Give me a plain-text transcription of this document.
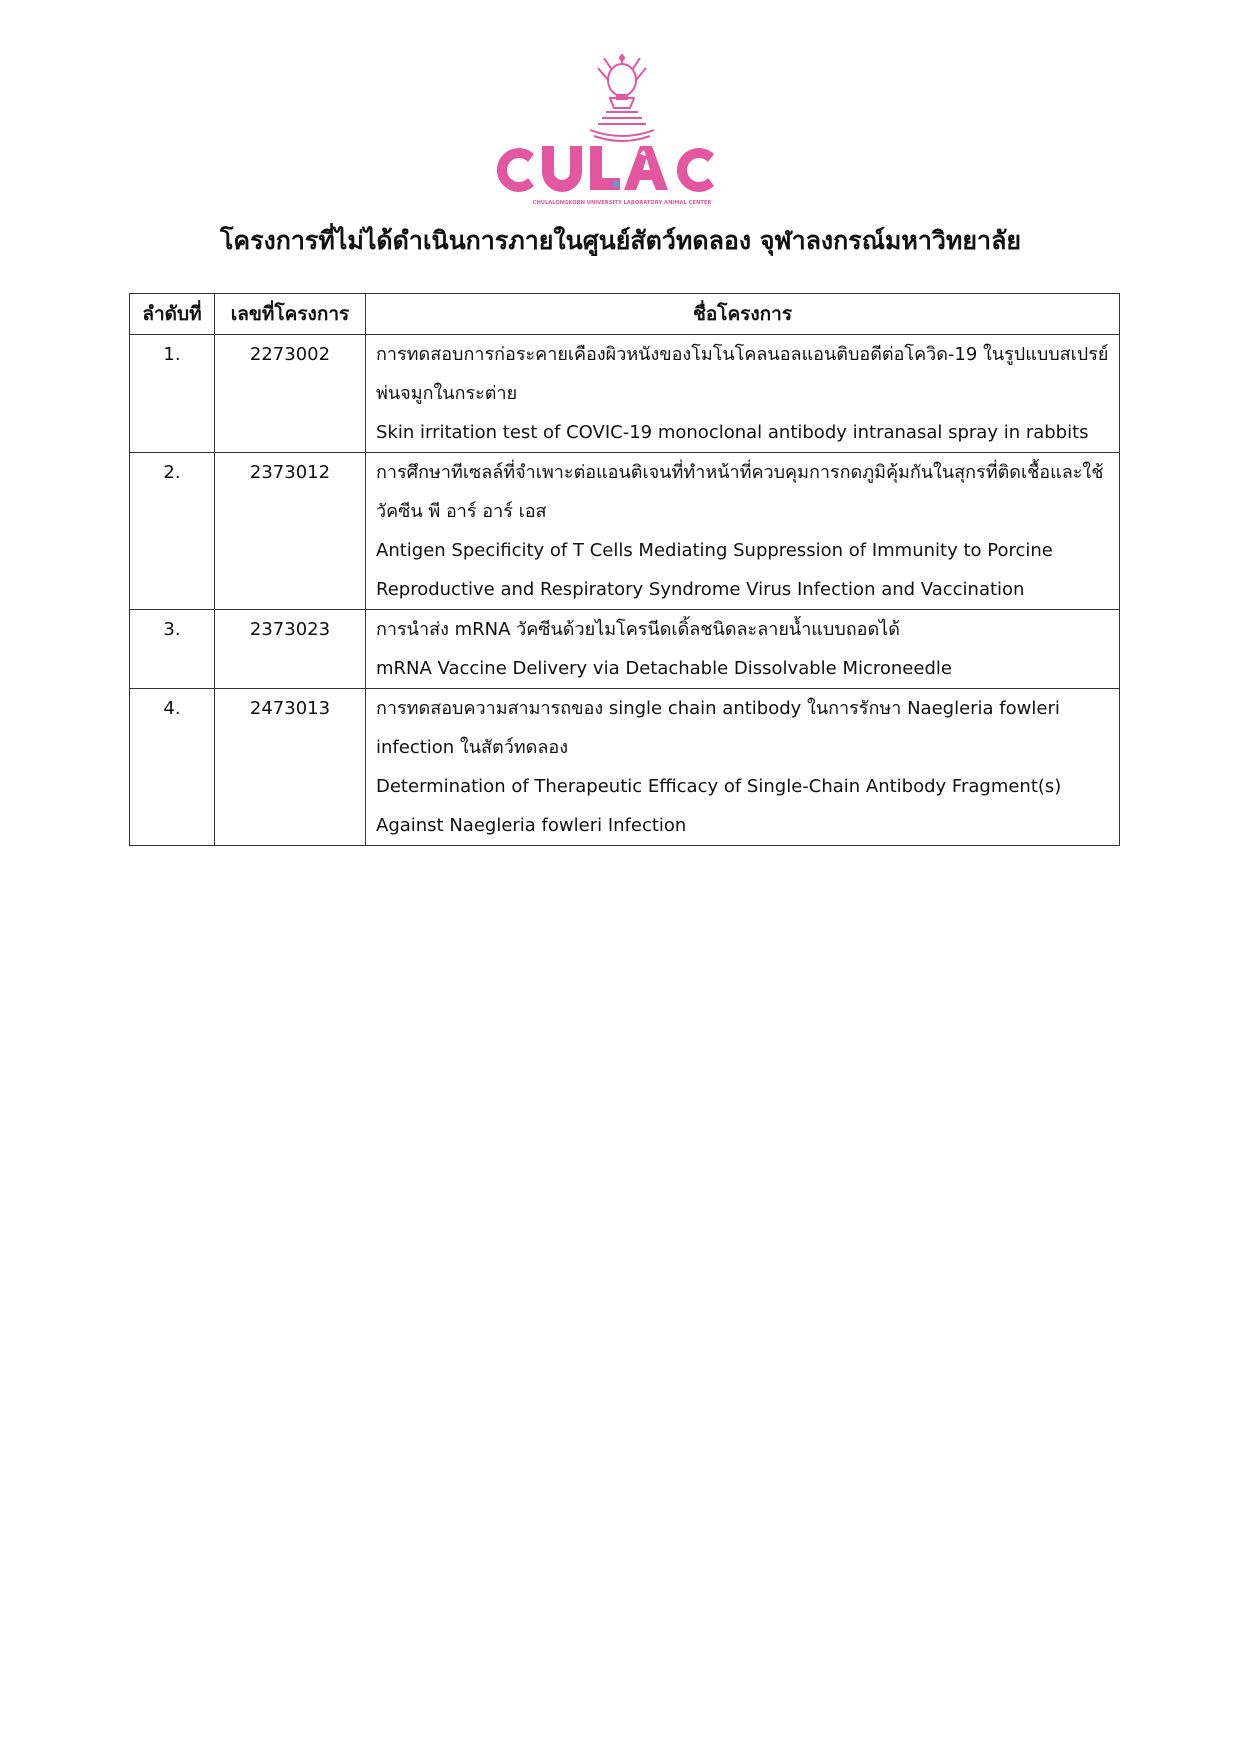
CHULALONGKORN UNIVERSITY LABORATORY ANIMAL CENTER
โครงการที่ไม่ได้ดำเนินการภายในศูนย์สัตว์ทดลอง จุฬาลงกรณ์มหาวิทยาลัย
ลำดับที่	เลขที่โครงการ	ชื่อโครงการ
1.	2273002	การทดสอบการก่อระคายเคืองผิวหนังของโมโนโคลนอลแอนติบอดีต่อโควิด-19 ในรูปแบบสเปรย์
พ่นจมูกในกระต่าย
Skin irritation test of COVIC-19 monoclonal antibody intranasal spray in rabbits

2.	2373012	การศึกษาทีเซลล์ที่จำเพาะต่อแอนติเจนที่ทำหน้าที่ควบคุมการกดภูมิคุ้มกันในสุกรที่ติดเชื้อและใช้
วัคซีน พี อาร์ อาร์ เอส
Antigen Specificity of T Cells Mediating Suppression of Immunity to Porcine
Reproductive and Respiratory Syndrome Virus Infection and Vaccination

3.	2373023	การนำส่ง mRNA วัคซีนด้วยไมโครนีดเดิ้ลชนิดละลายน้ำแบบถอดได้
mRNA Vaccine Delivery via Detachable Dissolvable Microneedle

4.	2473013	การทดสอบความสามารถของ single chain antibody ในการรักษา Naegleria fowleri
infection ในสัตว์ทดลอง
Determination of Therapeutic Efficacy of Single-Chain Antibody Fragment(s)
Against Naegleria fowleri Infection
